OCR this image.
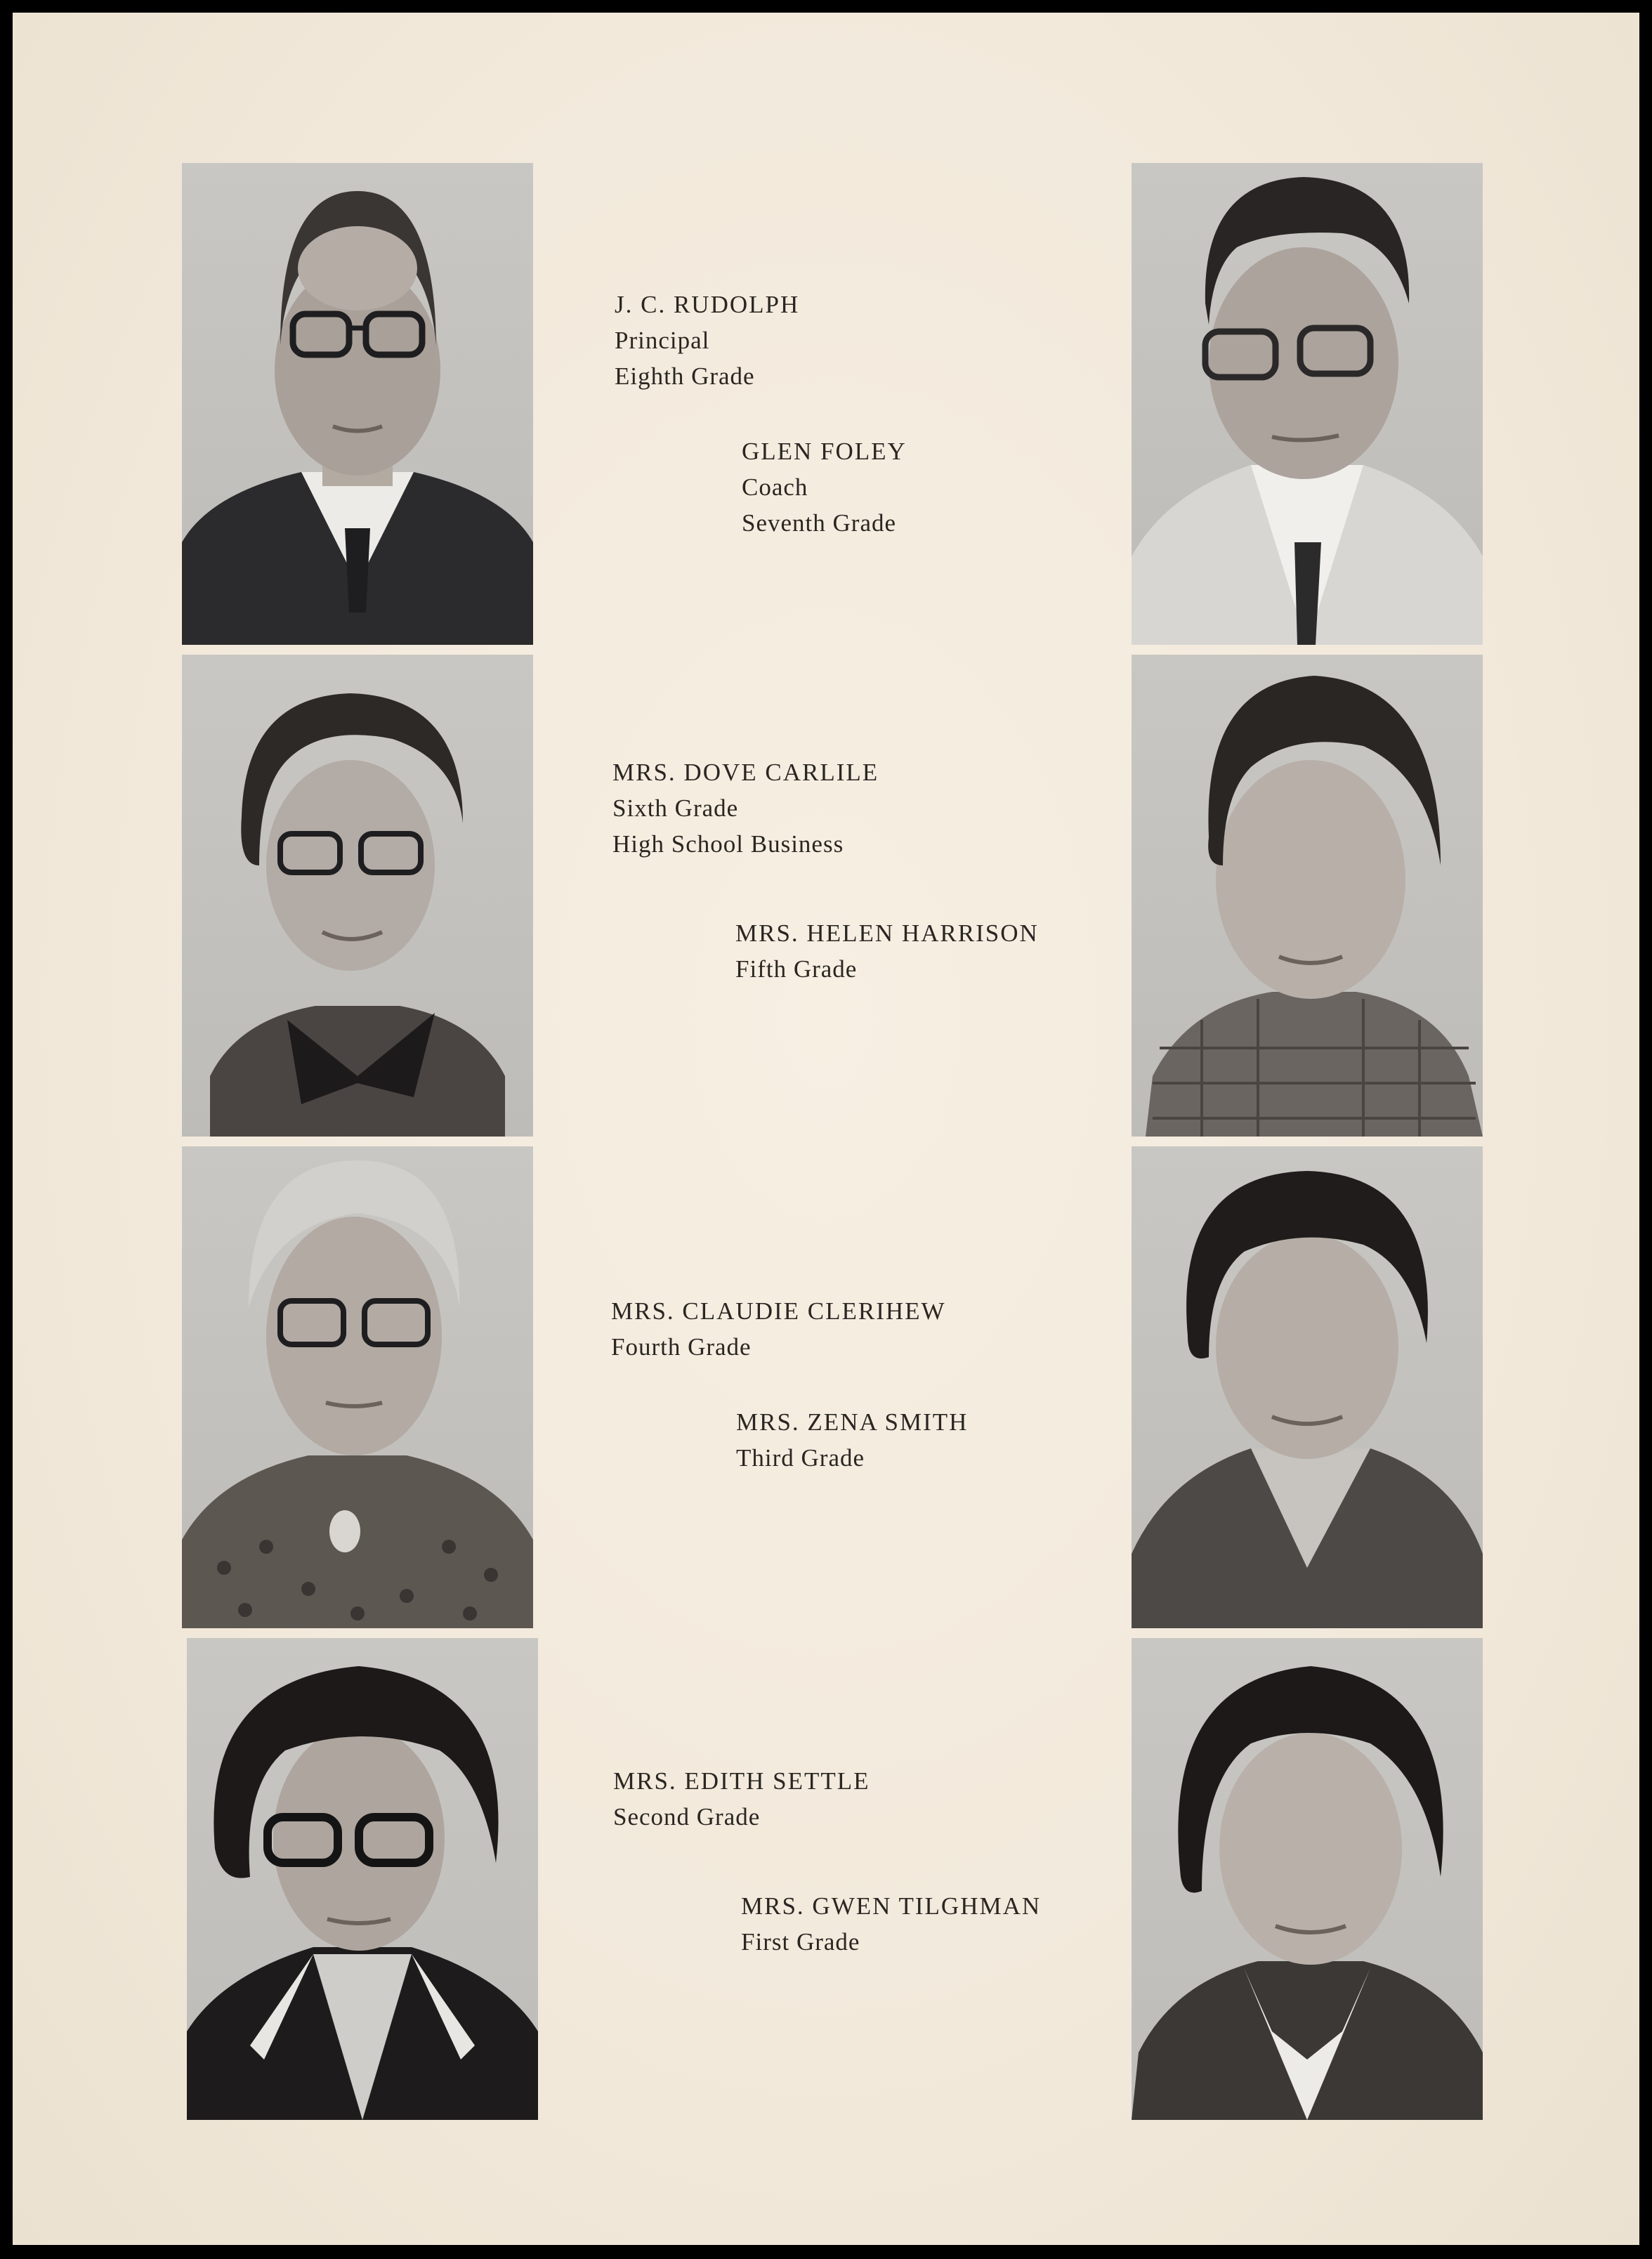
J. C. RUDOLPH
Principal
Eighth Grade
GLEN FOLEY
Coach
Seventh Grade
MRS. DOVE CARLILE
Sixth Grade
High School Business
MRS. HELEN HARRISON
Fifth Grade
MRS. CLAUDIE CLERIHEW
Fourth Grade
MRS. ZENA SMITH
Third Grade
MRS. EDITH SETTLE
Second Grade
MRS. GWEN TILGHMAN
First Grade
